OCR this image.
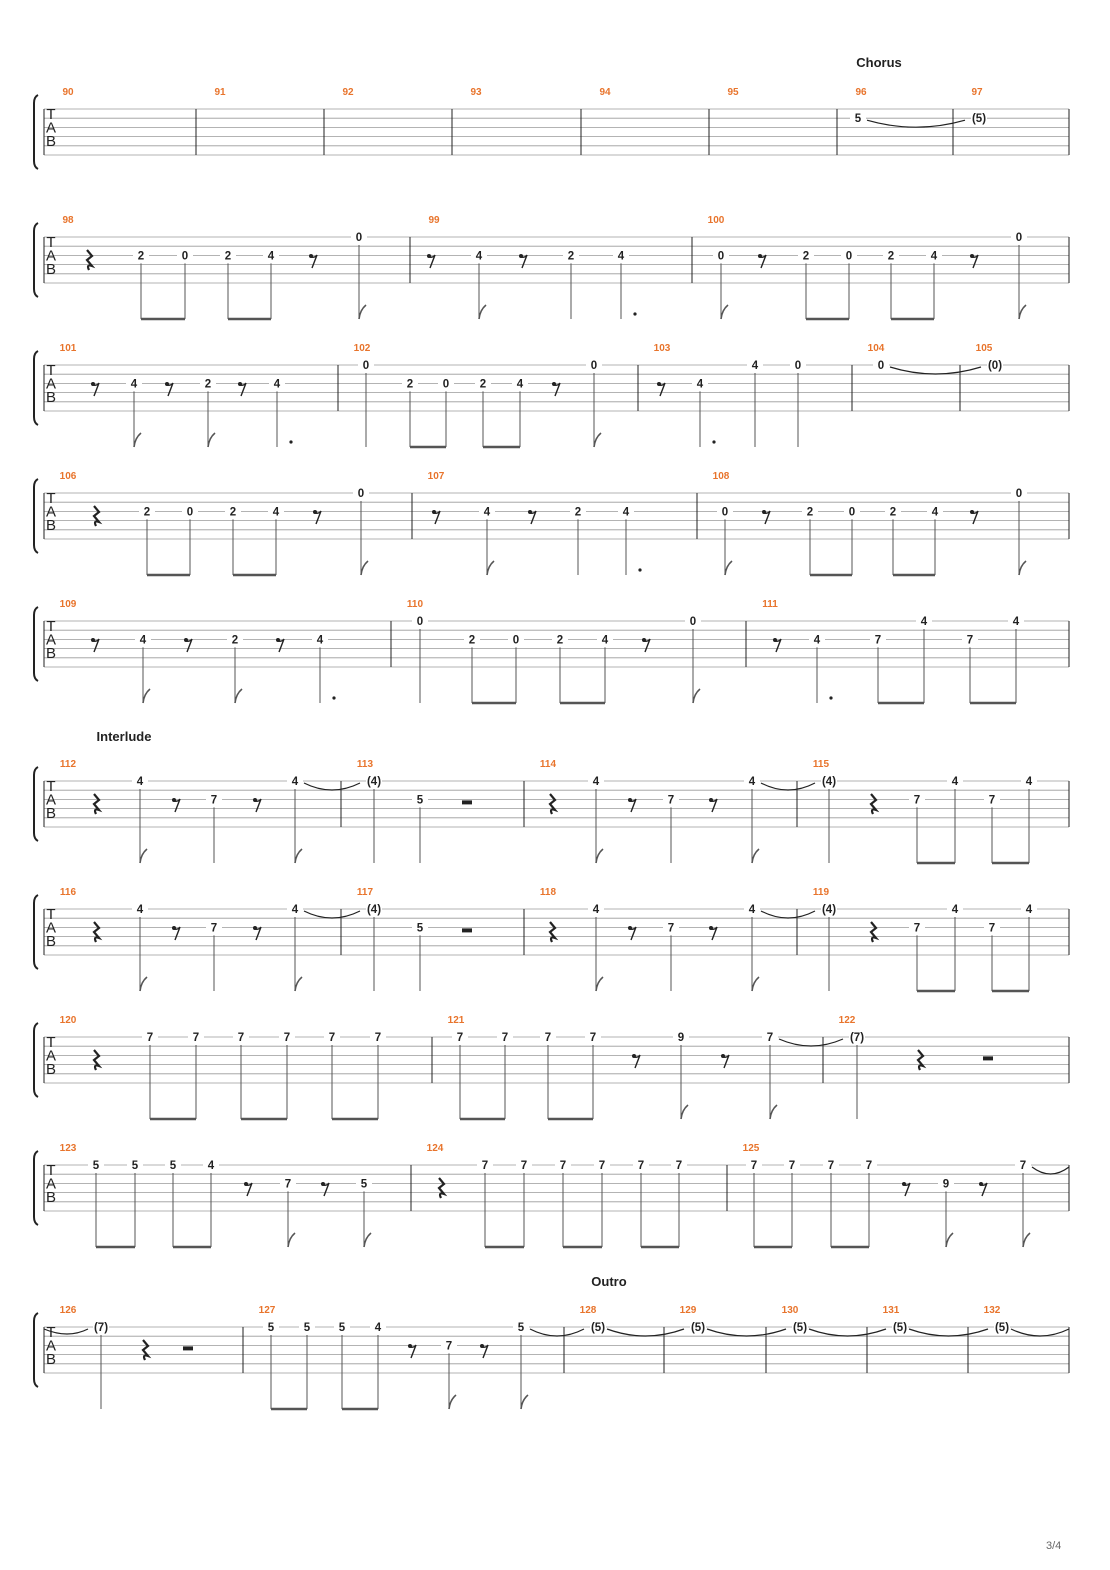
Chorus
Interlude
Outro
T
A
B
90	91	92	93	94	95	96
5
97
(5)
T
A
B
98
2	0	2	4
0
99
4	2	4
100
0	2	0	2	4
0
T
A
B
101
4	2	4
102
0
2	0	2	4
0
103
4
4	0
104
0
105
(0)
T
A
B
106
2	0	2	4
0
107
4	2	4
108
0	2	0	2	4
0
T
A
B
109
4	2	4
110
0
2	0	2	4
0
111
4	7
4
7
4
T
A
B
112
4
7
4
113
(4)
5
114
4
7
4
115
(4)
7
4
7
4
T
A
B
116
4
7
4
117
(4)
5
118
4
7
4
119
(4)
7
4
7
4
T
A
B
120
7	7	7	7	7	7
121
7	7	7	7	9	7
122
(7)
T
A
B
123
5	5	5	4
7	5
124
7	7	7	7	7	7
125
7	7	7	7
9
7
T
A
B
126
(7)
127
5	5 5	4
7
5
128
(5)
129
(5)
130
(5)
131
(5)
132
(5)
3/4
